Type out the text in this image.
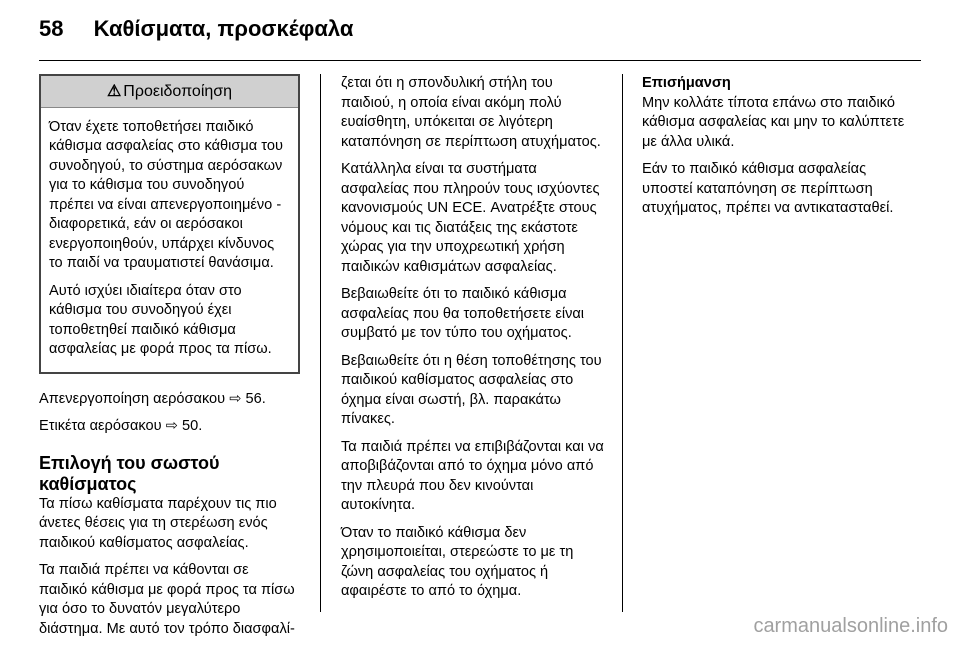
58 Καθίσματα, προσκέφαλα
⚠ Προειδοποίηση

Όταν έχετε τοποθετήσει παιδικό κάθισμα ασφαλείας στο κάθισμα του συνοδηγού, το σύστημα αερόσακων για το κάθισμα του συνοδηγού πρέπει να είναι απενεργοποιημένο - διαφορετικά, εάν οι αερόσακοι ενεργοποιηθούν, υπάρχει κίνδυνος το παιδί να τραυματιστεί θανάσιμα.

Αυτό ισχύει ιδιαίτερα όταν στο κάθισμα του συνοδηγού έχει τοποθετηθεί παιδικό κάθισμα ασφαλείας με φορά προς τα πίσω.

Απενεργοποίηση αερόσακου ⇨ 56.

Ετικέτα αερόσακου ⇨ 50.

Επιλογή του σωστού καθίσματος

Τα πίσω καθίσματα παρέχουν τις πιο άνετες θέσεις για τη στερέωση ενός παιδικού καθίσματος ασφαλείας.

Τα παιδιά πρέπει να κάθονται σε παιδικό κάθισμα με φορά προς τα πίσω για όσο το δυνατόν μεγαλύτερο διάστημα. Με αυτό τον τρόπο διασφαλί-

ζεται ότι η σπονδυλική στήλη του παιδιού, η οποία είναι ακόμη πολύ ευαίσθητη, υπόκειται σε λιγότερη καταπόνηση σε περίπτωση ατυχήματος.

Κατάλληλα είναι τα συστήματα ασφαλείας που πληρούν τους ισχύοντες κανονισμούς UN ECE. Ανατρέξτε στους νόμους και τις διατάξεις της εκάστοτε χώρας για την υποχρεωτική χρήση παιδικών καθισμάτων ασφαλείας.

Βεβαιωθείτε ότι το παιδικό κάθισμα ασφαλείας που θα τοποθετήσετε είναι συμβατό με τον τύπο του οχήματος.

Βεβαιωθείτε ότι η θέση τοποθέτησης του παιδικού καθίσματος ασφαλείας στο όχημα είναι σωστή, βλ. παρακάτω πίνακες.

Τα παιδιά πρέπει να επιβιβάζονται και να αποβιβάζονται από το όχημα μόνο από την πλευρά που δεν κινούνται αυτοκίνητα.

Όταν το παιδικό κάθισμα δεν χρησιμοποιείται, στερεώστε το με τη ζώνη ασφαλείας του οχήματος ή αφαιρέστε το από το όχημα.

Επισήμανση

Μην κολλάτε τίποτα επάνω στο παιδικό κάθισμα ασφαλείας και μην το καλύπτετε με άλλα υλικά.

Εάν το παιδικό κάθισμα ασφαλείας υποστεί καταπόνηση σε περίπτωση ατυχήματος, πρέπει να αντικατασταθεί.

carmanualsonline.info
